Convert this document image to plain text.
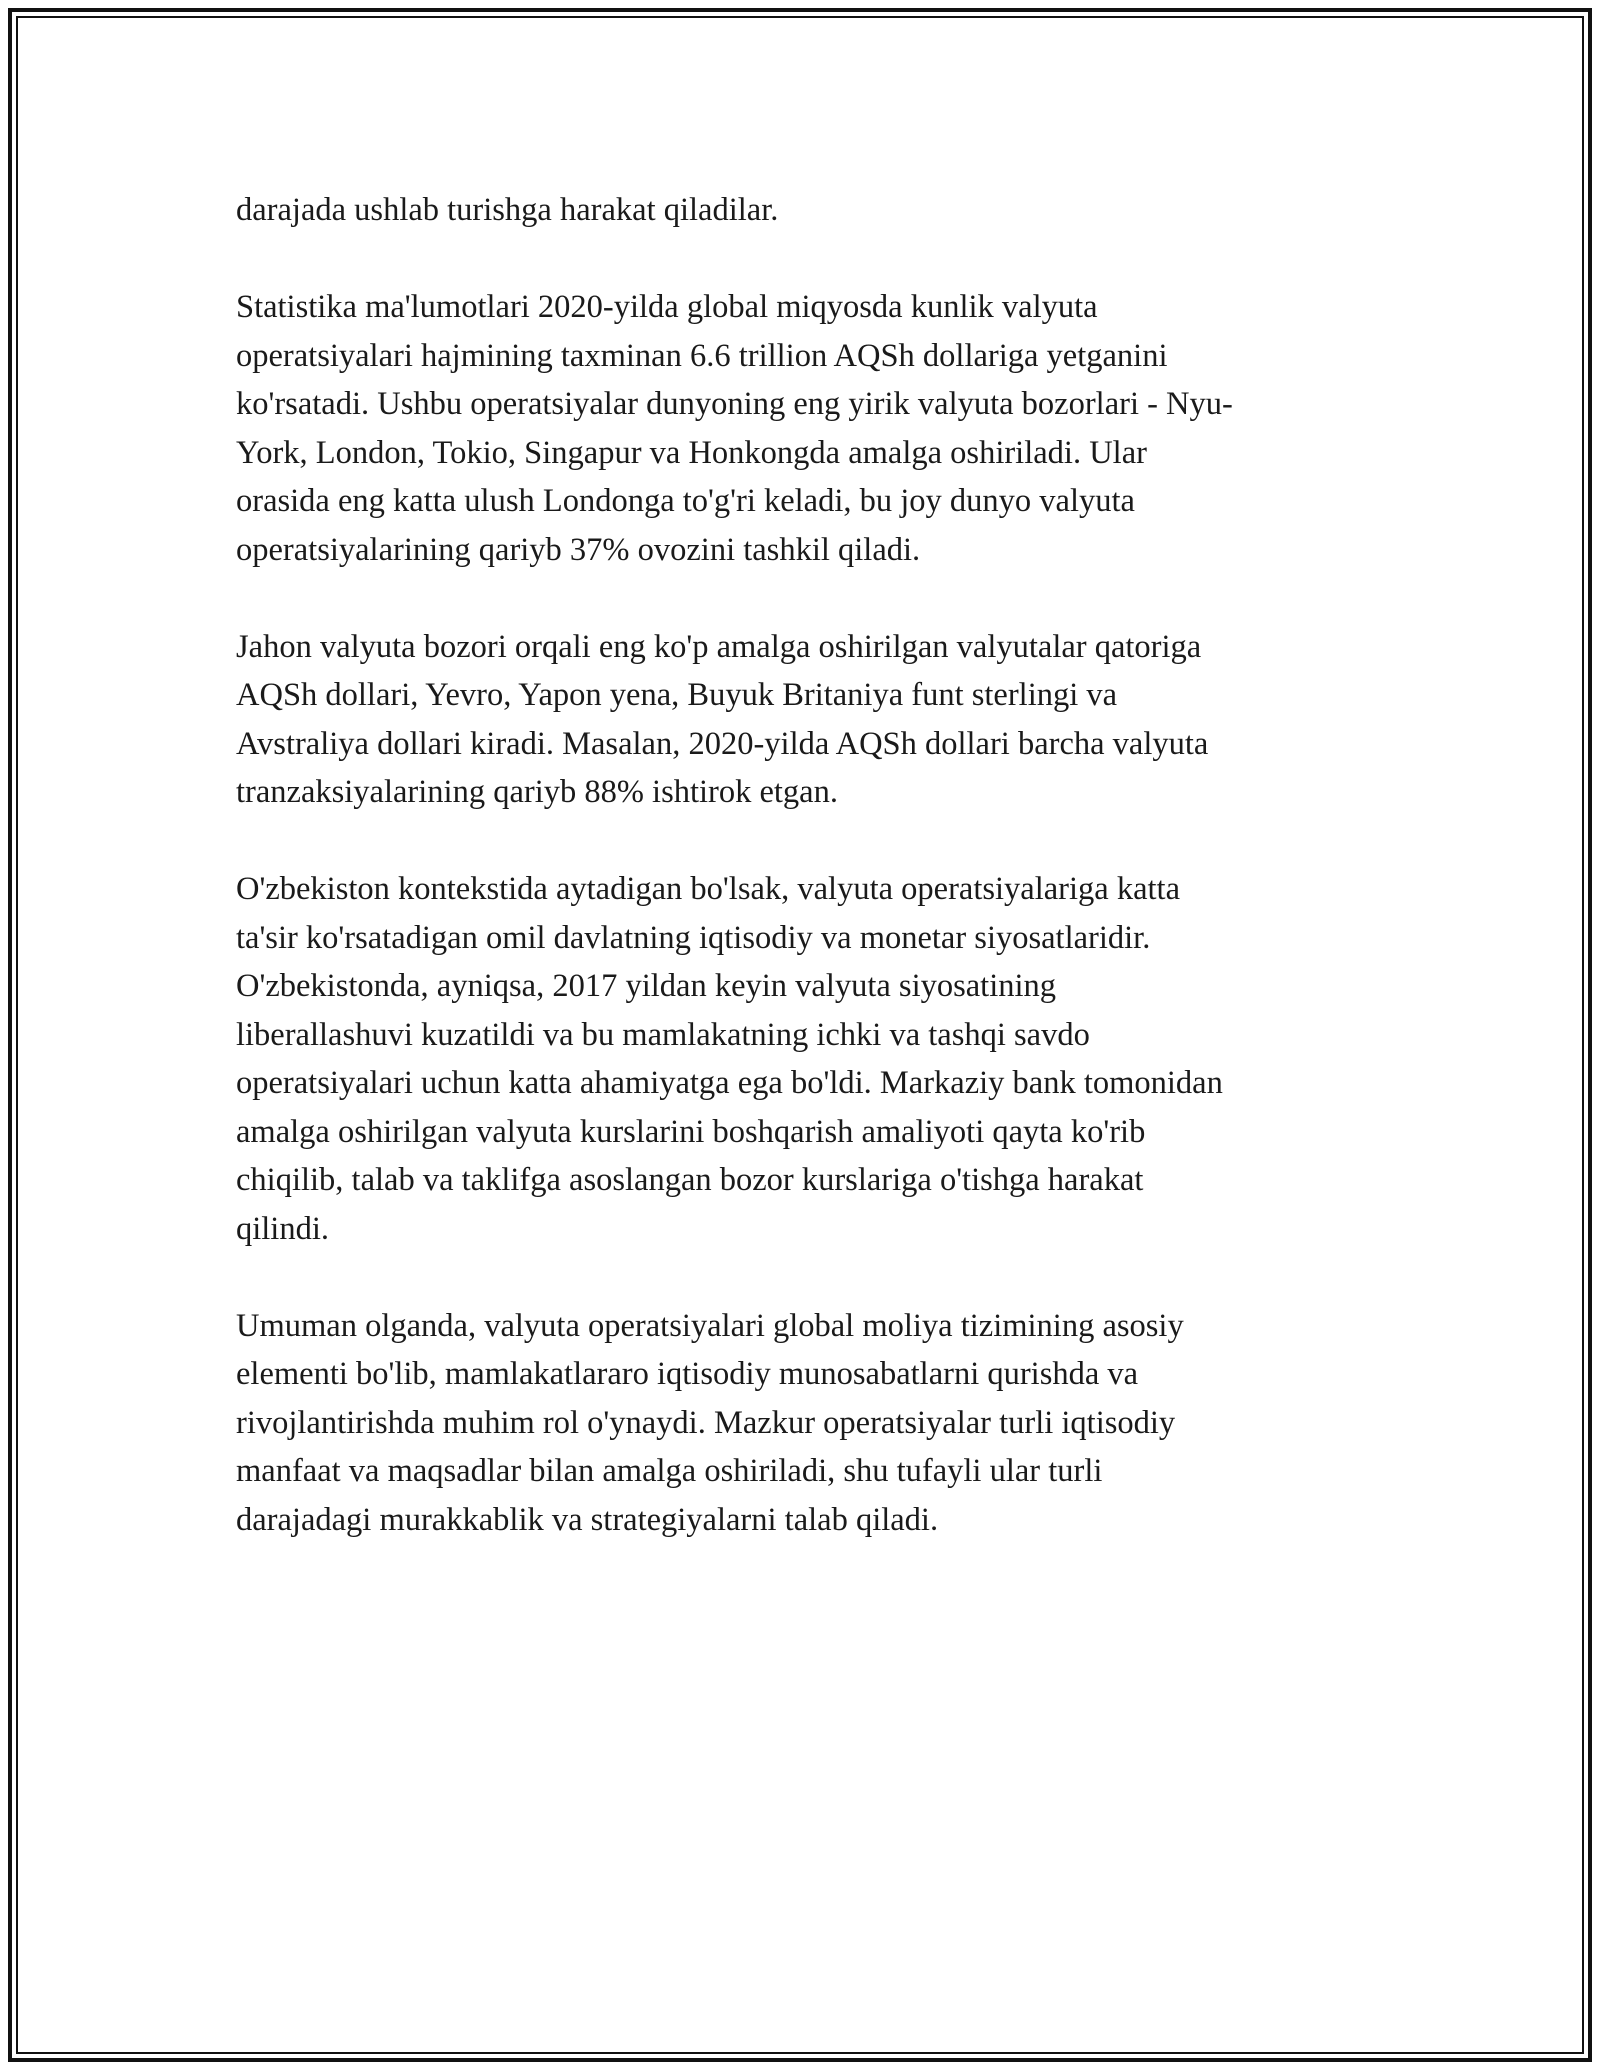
darajada ushlab turishga harakat qiladilar.

Statistika ma'lumotlari 2020-yilda global miqyosda kunlik valyuta
operatsiyalari hajmining taxminan 6.6 trillion AQSh dollariga yetganini
ko'rsatadi. Ushbu operatsiyalar dunyoning eng yirik valyuta bozorlari - Nyu-
York, London, Tokio, Singapur va Honkongda amalga oshiriladi. Ular
orasida eng katta ulush Londonga to'g'ri keladi, bu joy dunyo valyuta
operatsiyalarining qariyb 37% ovozini tashkil qiladi.

Jahon valyuta bozori orqali eng ko'p amalga oshirilgan valyutalar qatoriga
AQSh dollari, Yevro, Yapon yena, Buyuk Britaniya funt sterlingi va
Avstraliya dollari kiradi. Masalan, 2020-yilda AQSh dollari barcha valyuta
tranzaksiyalarining qariyb 88% ishtirok etgan.

O'zbekiston kontekstida aytadigan bo'lsak, valyuta operatsiyalariga katta
ta'sir ko'rsatadigan omil davlatning iqtisodiy va monetar siyosatlaridir.
O'zbekistonda, ayniqsa, 2017 yildan keyin valyuta siyosatining
liberallashuvi kuzatildi va bu mamlakatning ichki va tashqi savdo
operatsiyalari uchun katta ahamiyatga ega bo'ldi. Markaziy bank tomonidan
amalga oshirilgan valyuta kurslarini boshqarish amaliyoti qayta ko'rib
chiqilib, talab va taklifga asoslangan bozor kurslariga o'tishga harakat
qilindi.

Umuman olganda, valyuta operatsiyalari global moliya tizimining asosiy
elementi bo'lib, mamlakatlararo iqtisodiy munosabatlarni qurishda va
rivojlantirishda muhim rol o'ynaydi. Mazkur operatsiyalar turli iqtisodiy
manfaat va maqsadlar bilan amalga oshiriladi, shu tufayli ular turli
darajadagi murakkablik va strategiyalarni talab qiladi.
